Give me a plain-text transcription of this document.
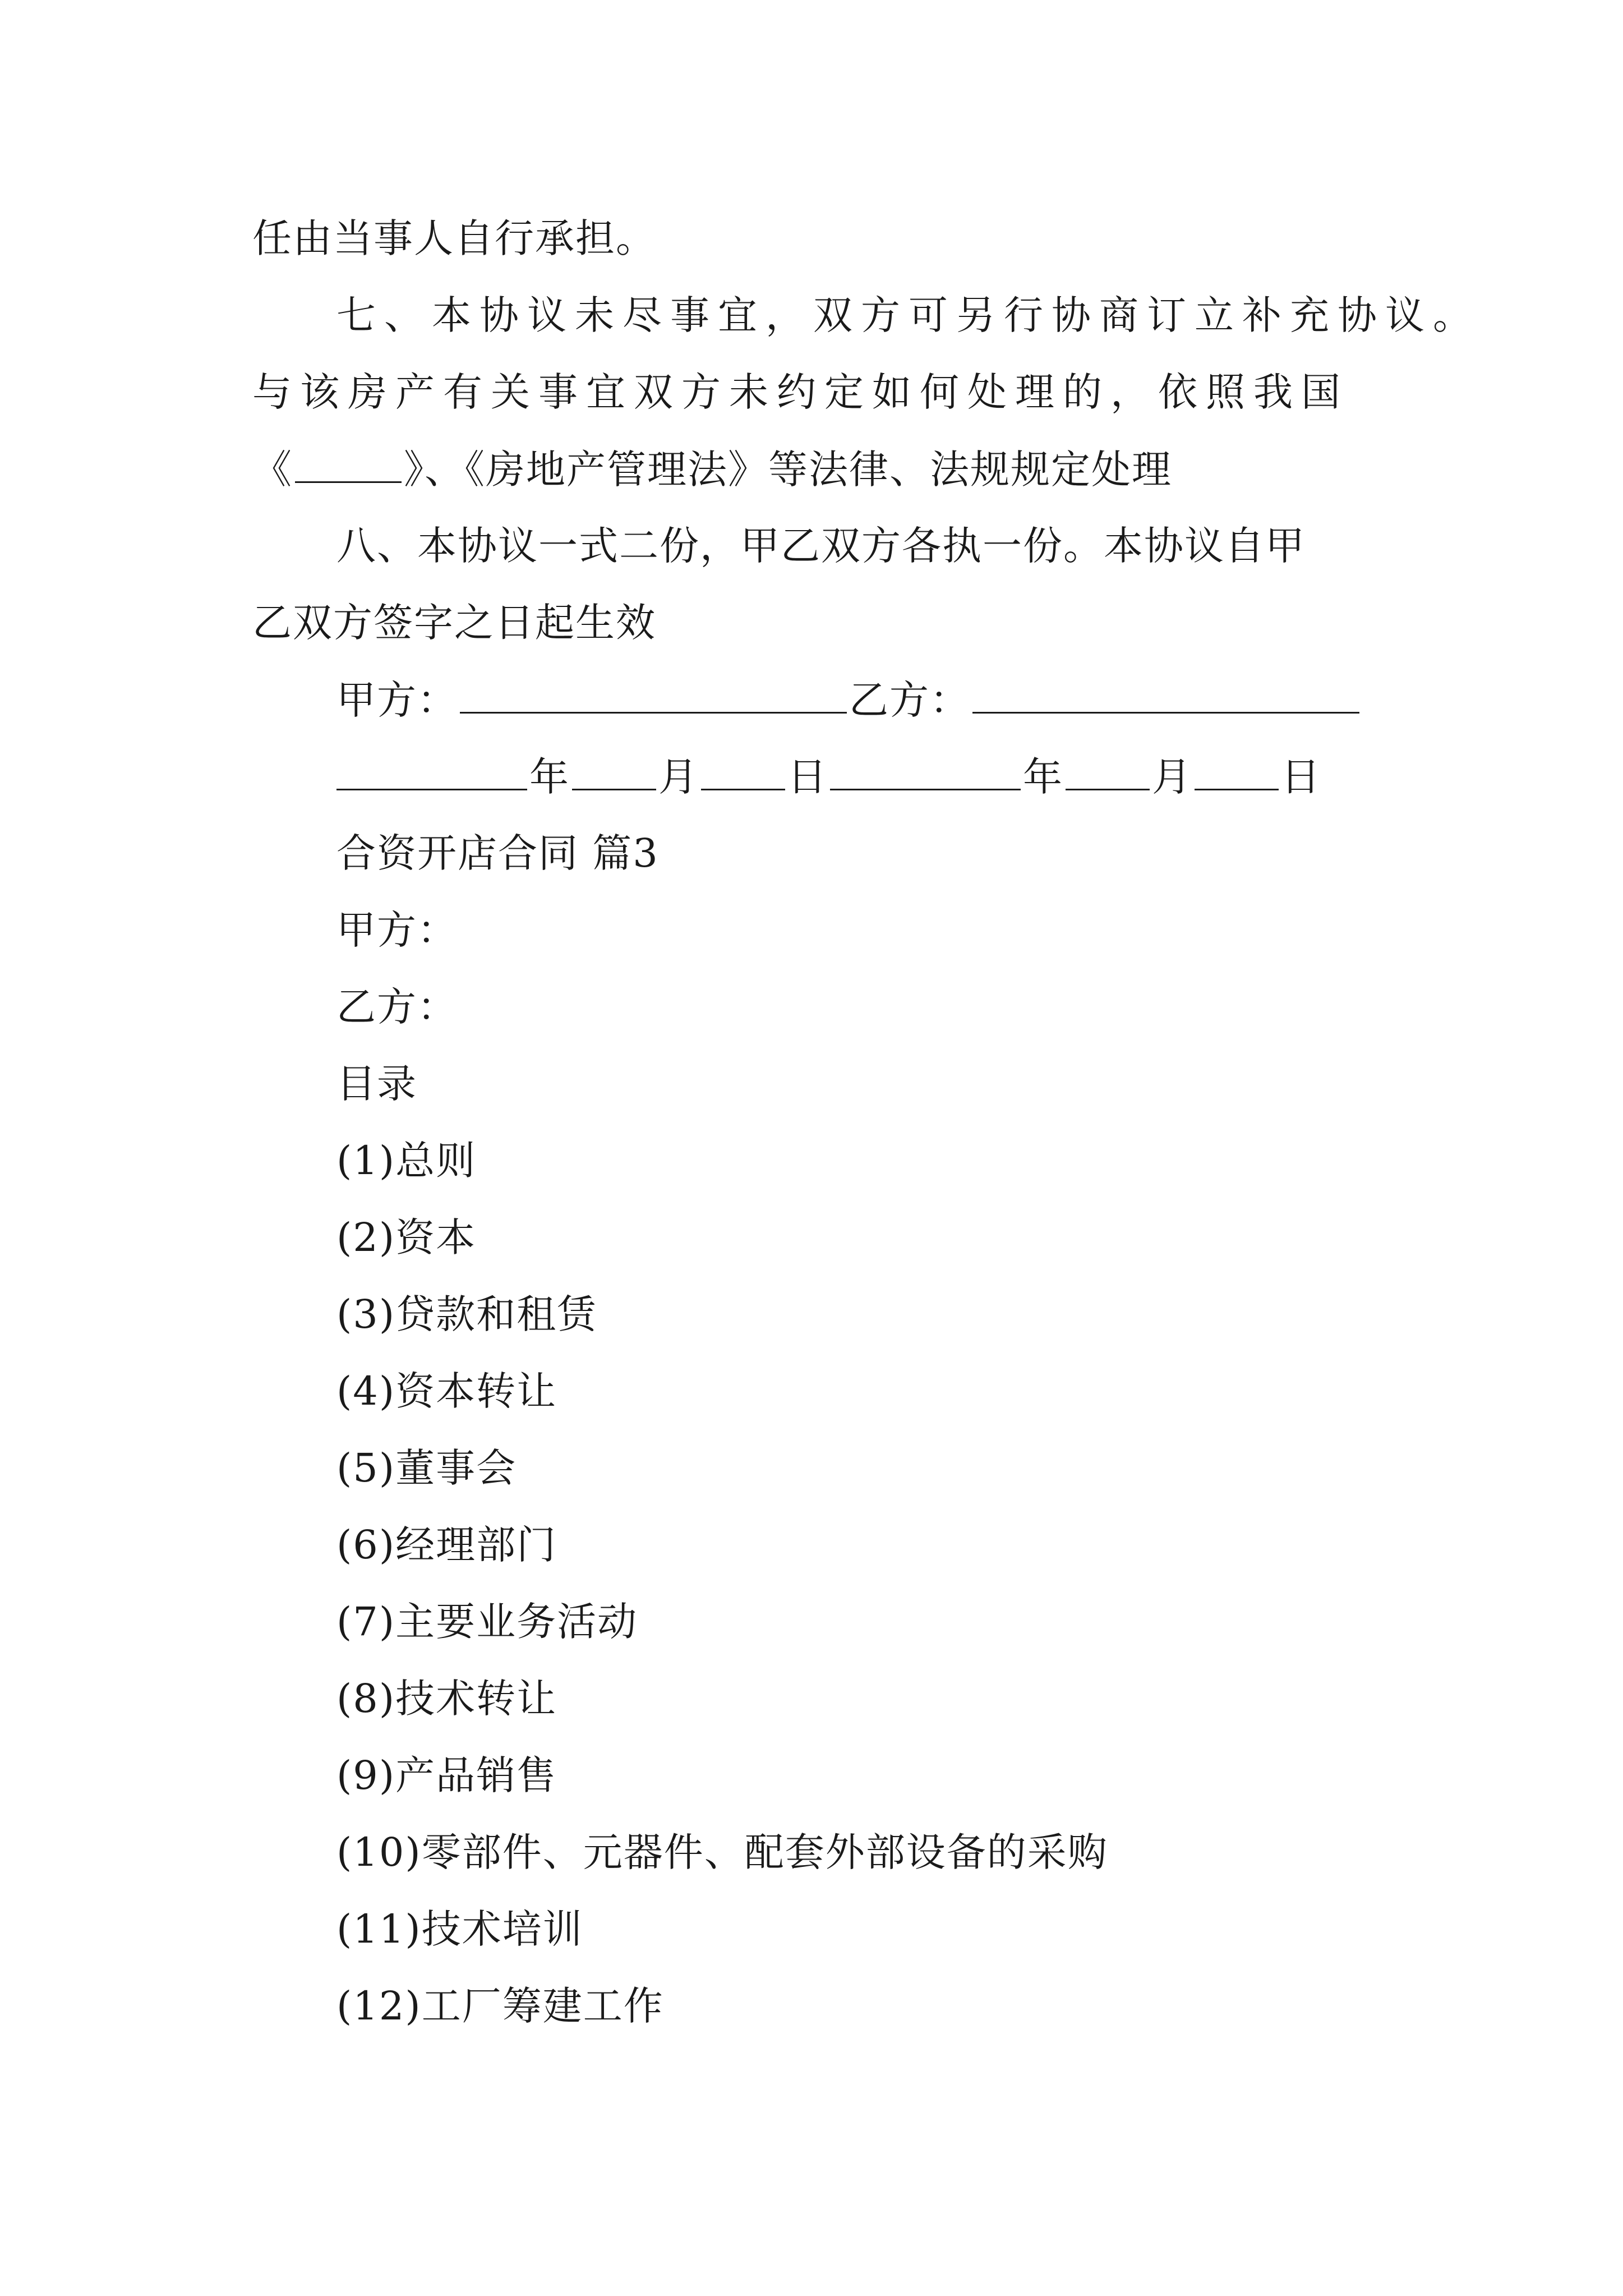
任由当事人自行承担。
七、本协议未尽事宜，双方可另行协商订立补充协议。
与该房产有关事宜双方未约定如何处理的，依照我国
《	》、《房地产管理法》等法律、法规规定处理
八、本协议一式二份，甲乙双方各执一份。本协议自甲
乙双方签字之日起生效
甲方：	乙方：
年 月 日	年 月 日
合资开店合同 篇3
甲方：
乙方：
目录
(1)总则
(2)资本
(3)贷款和租赁
(4)资本转让
(5)董事会
(6)经理部门
(7)主要业务活动
(8)技术转让
(9)产品销售
(10)零部件、元器件、配套外部设备的采购
(11)技术培训
(12)工厂筹建工作
